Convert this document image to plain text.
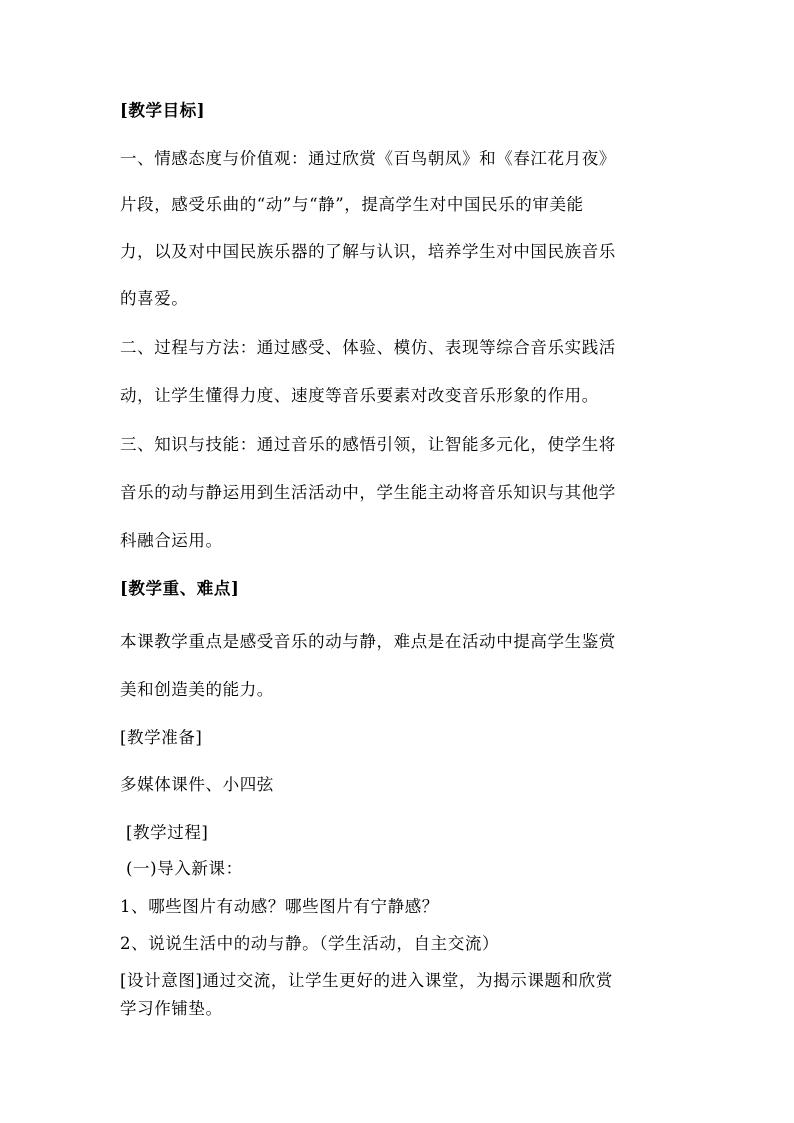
[教学目标]
一、情感态度与价值观：通过欣赏《百鸟朝凤》和《春江花月夜》
片段，感受乐曲的“动”与“静”，提高学生对中国民乐的审美能
力，以及对中国民族乐器的了解与认识，培养学生对中国民族音乐
的喜爱。
二、过程与方法：通过感受、体验、模仿、表现等综合音乐实践活
动，让学生懂得力度、速度等音乐要素对改变音乐形象的作用。
三、知识与技能：通过音乐的感悟引领，让智能多元化，使学生将
音乐的动与静运用到生活活动中，学生能主动将音乐知识与其他学
科融合运用。
[教学重、难点]
本课教学重点是感受音乐的动与静，难点是在活动中提高学生鉴赏
美和创造美的能力。
[教学准备]
多媒体课件、小四弦
[教学过程]
(一)导入新课：
1、哪些图片有动感？哪些图片有宁静感？
2、说说生活中的动与静。（学生活动，自主交流）
[设计意图]通过交流，让学生更好的进入课堂，为揭示课题和欣赏
学习作铺垫。
